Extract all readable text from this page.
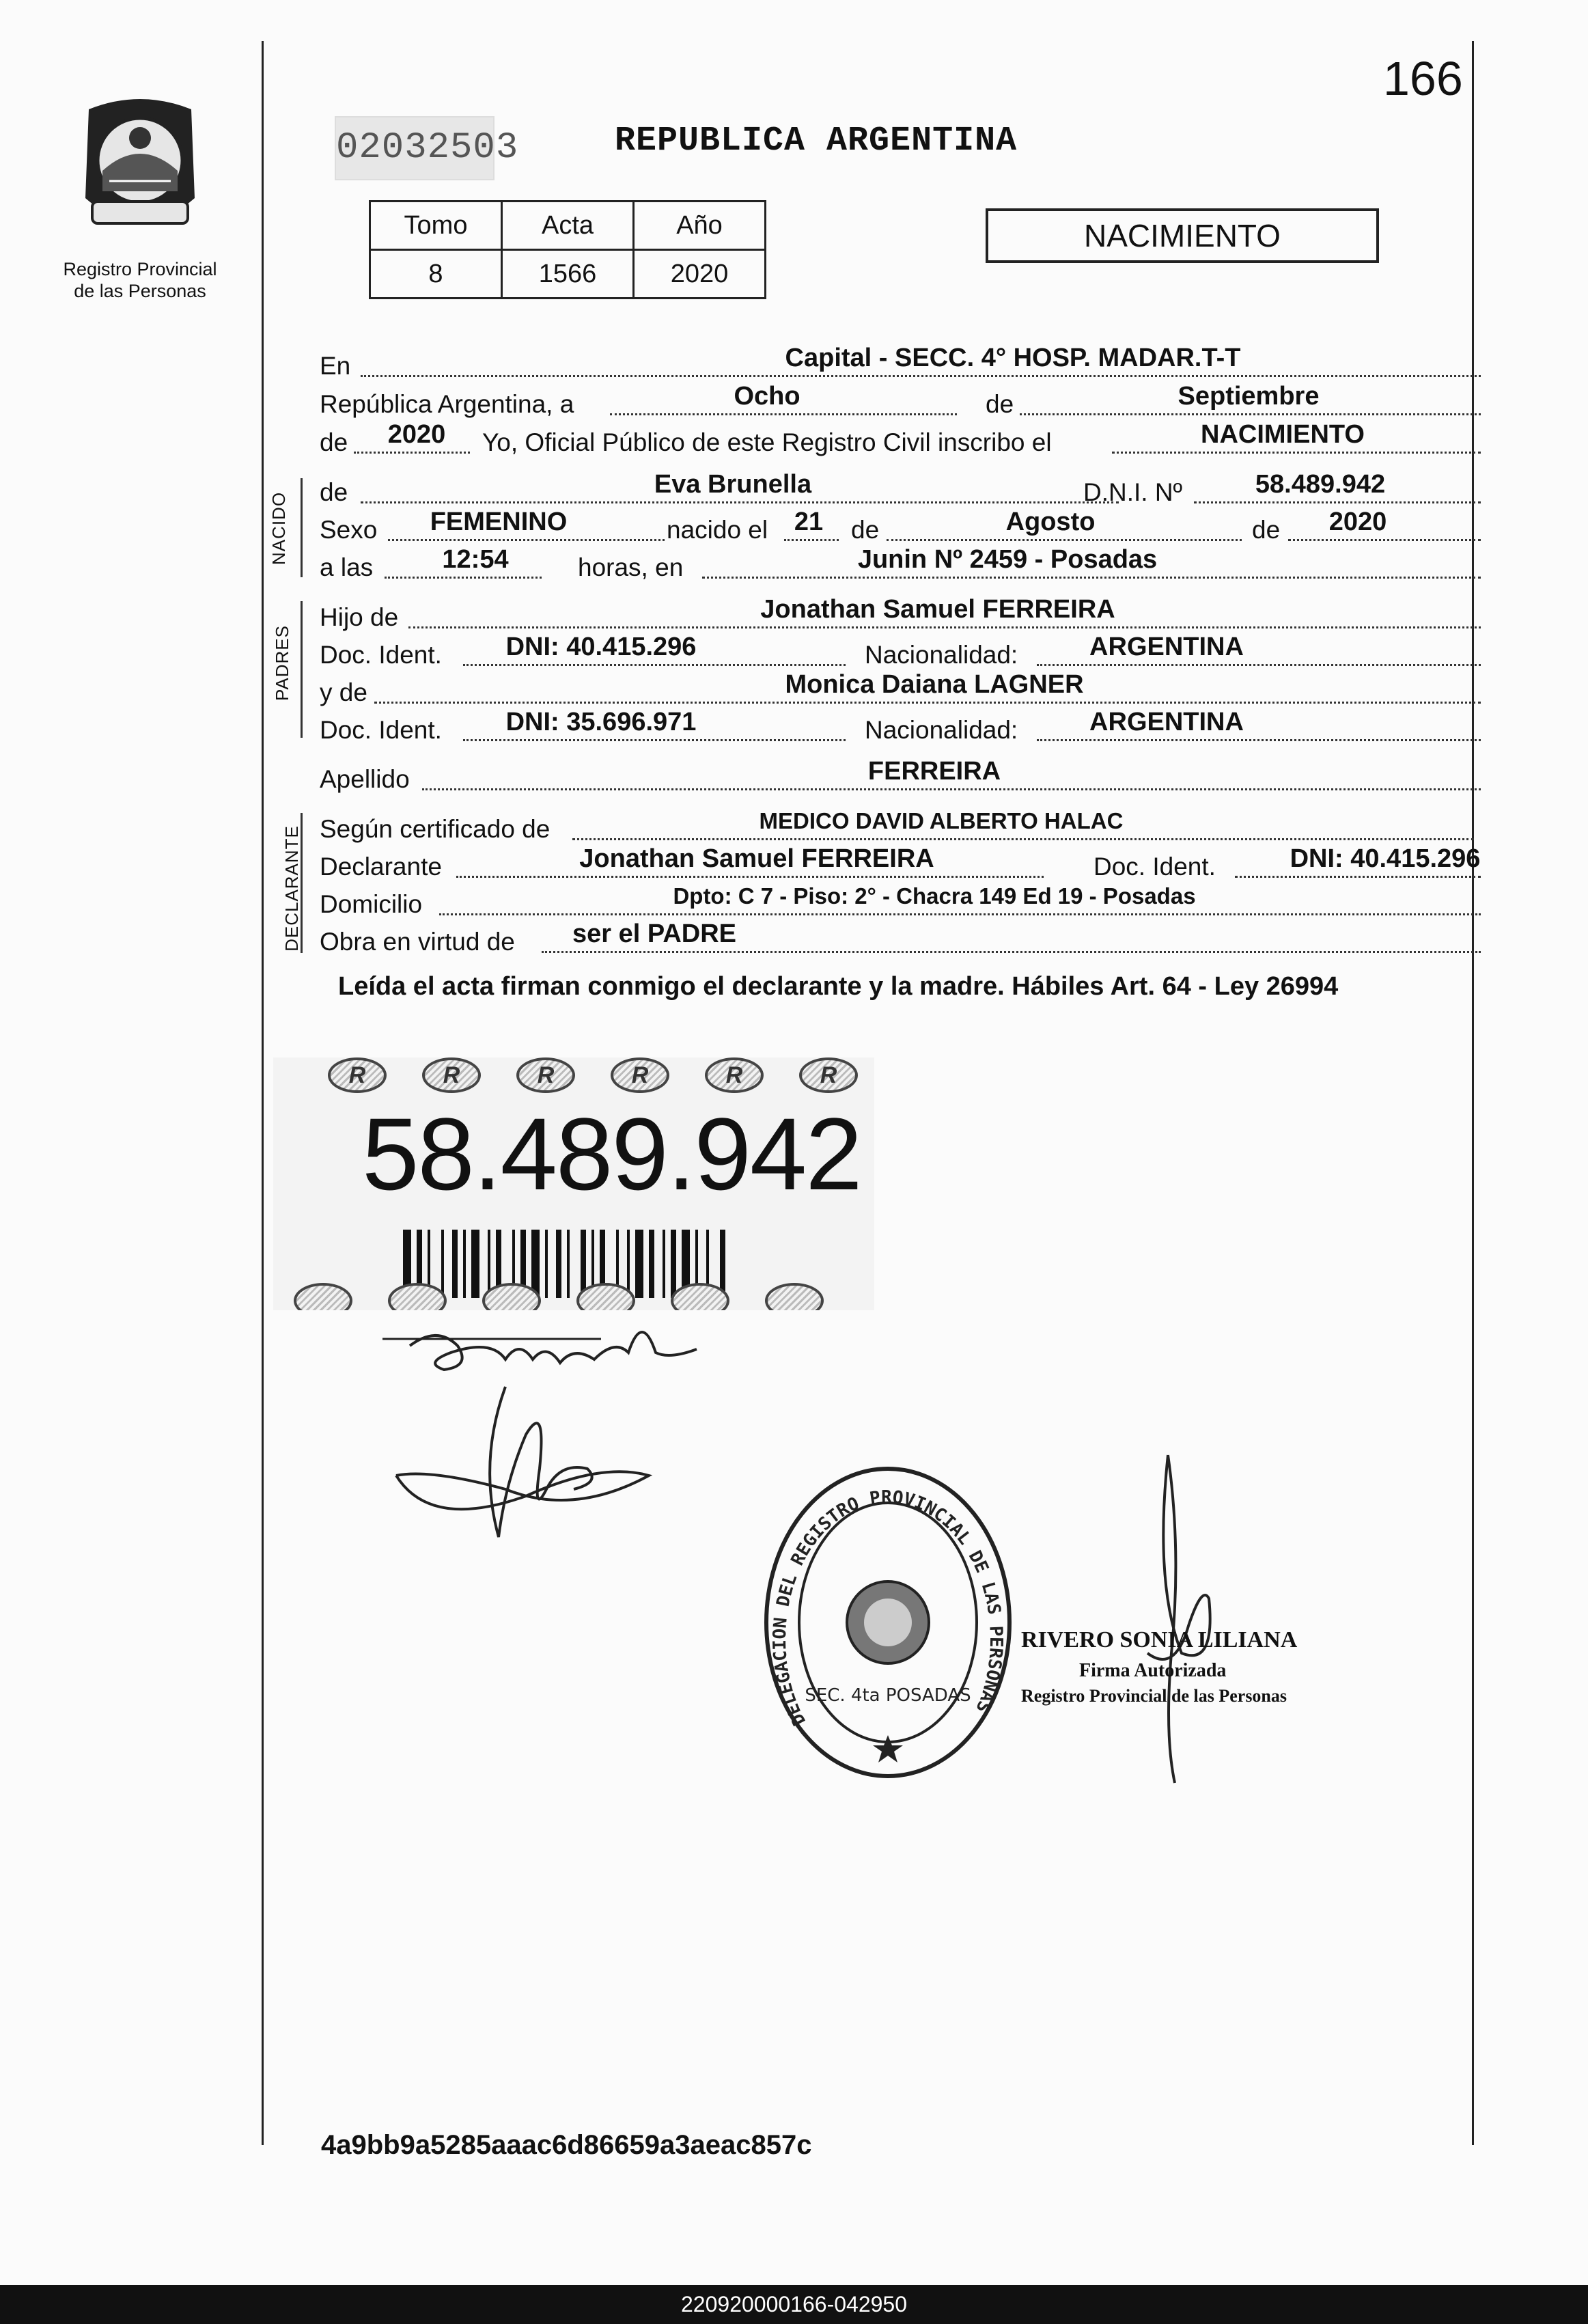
166
Registro Provincial
de las Personas
02032503	REPUBLICA ARGENTINA
Tomo	Acta	Año
8	1566	2020
NACIMIENTO
En	Capital - SECC. 4° HOSP. MADAR.T-T
República Argentina, a	Ocho	de	Septiembre
de 2020 Yo, Oficial Público de este Registro Civil inscribo el	NACIMIENTO
NACIDO de	Eva Brunella	D.N.I. Nº	58.489.942
Sexo FEMENINO	nacido el 21 de	Agosto	de 2020
a las	12:54	horas, en	Junin Nº 2459 - Posadas
PADRES
Hijo de	Jonathan Samuel FERREIRA
Doc. Ident. DNI: 40.415.296	Nacionalidad:	ARGENTINA
y de	Monica Daiana LAGNER
Doc. Ident. DNI: 35.696.971	Nacionalidad:	ARGENTINA
Apellido	FERREIRA
DECLARANTE Según certificado de	MEDICO DAVID ALBERTO HALAC
Declarante	Jonathan Samuel FERREIRA	Doc. Ident.	DNI: 40.415.296
Domicilio	Dpto: C 7 - Piso: 2° - Chacra 149 Ed 19 - Posadas
Obra en virtud de ser el PADRE
Leída el acta firman conmigo el declarante y la madre. Hábiles Art. 64 - Ley 26994
R	R	R	R	R	R
58.489.942
DELEGACION DEL REGISTRO PROVINCIAL DE LAS PERSONAS
SEC. 4ta POSADAS
RIVERO SONIA LILIANA
Firma Autorizada
Registro Provincial de las Personas
4a9bb9a5285aaac6d86659a3aeac857c
220920000166-042950
